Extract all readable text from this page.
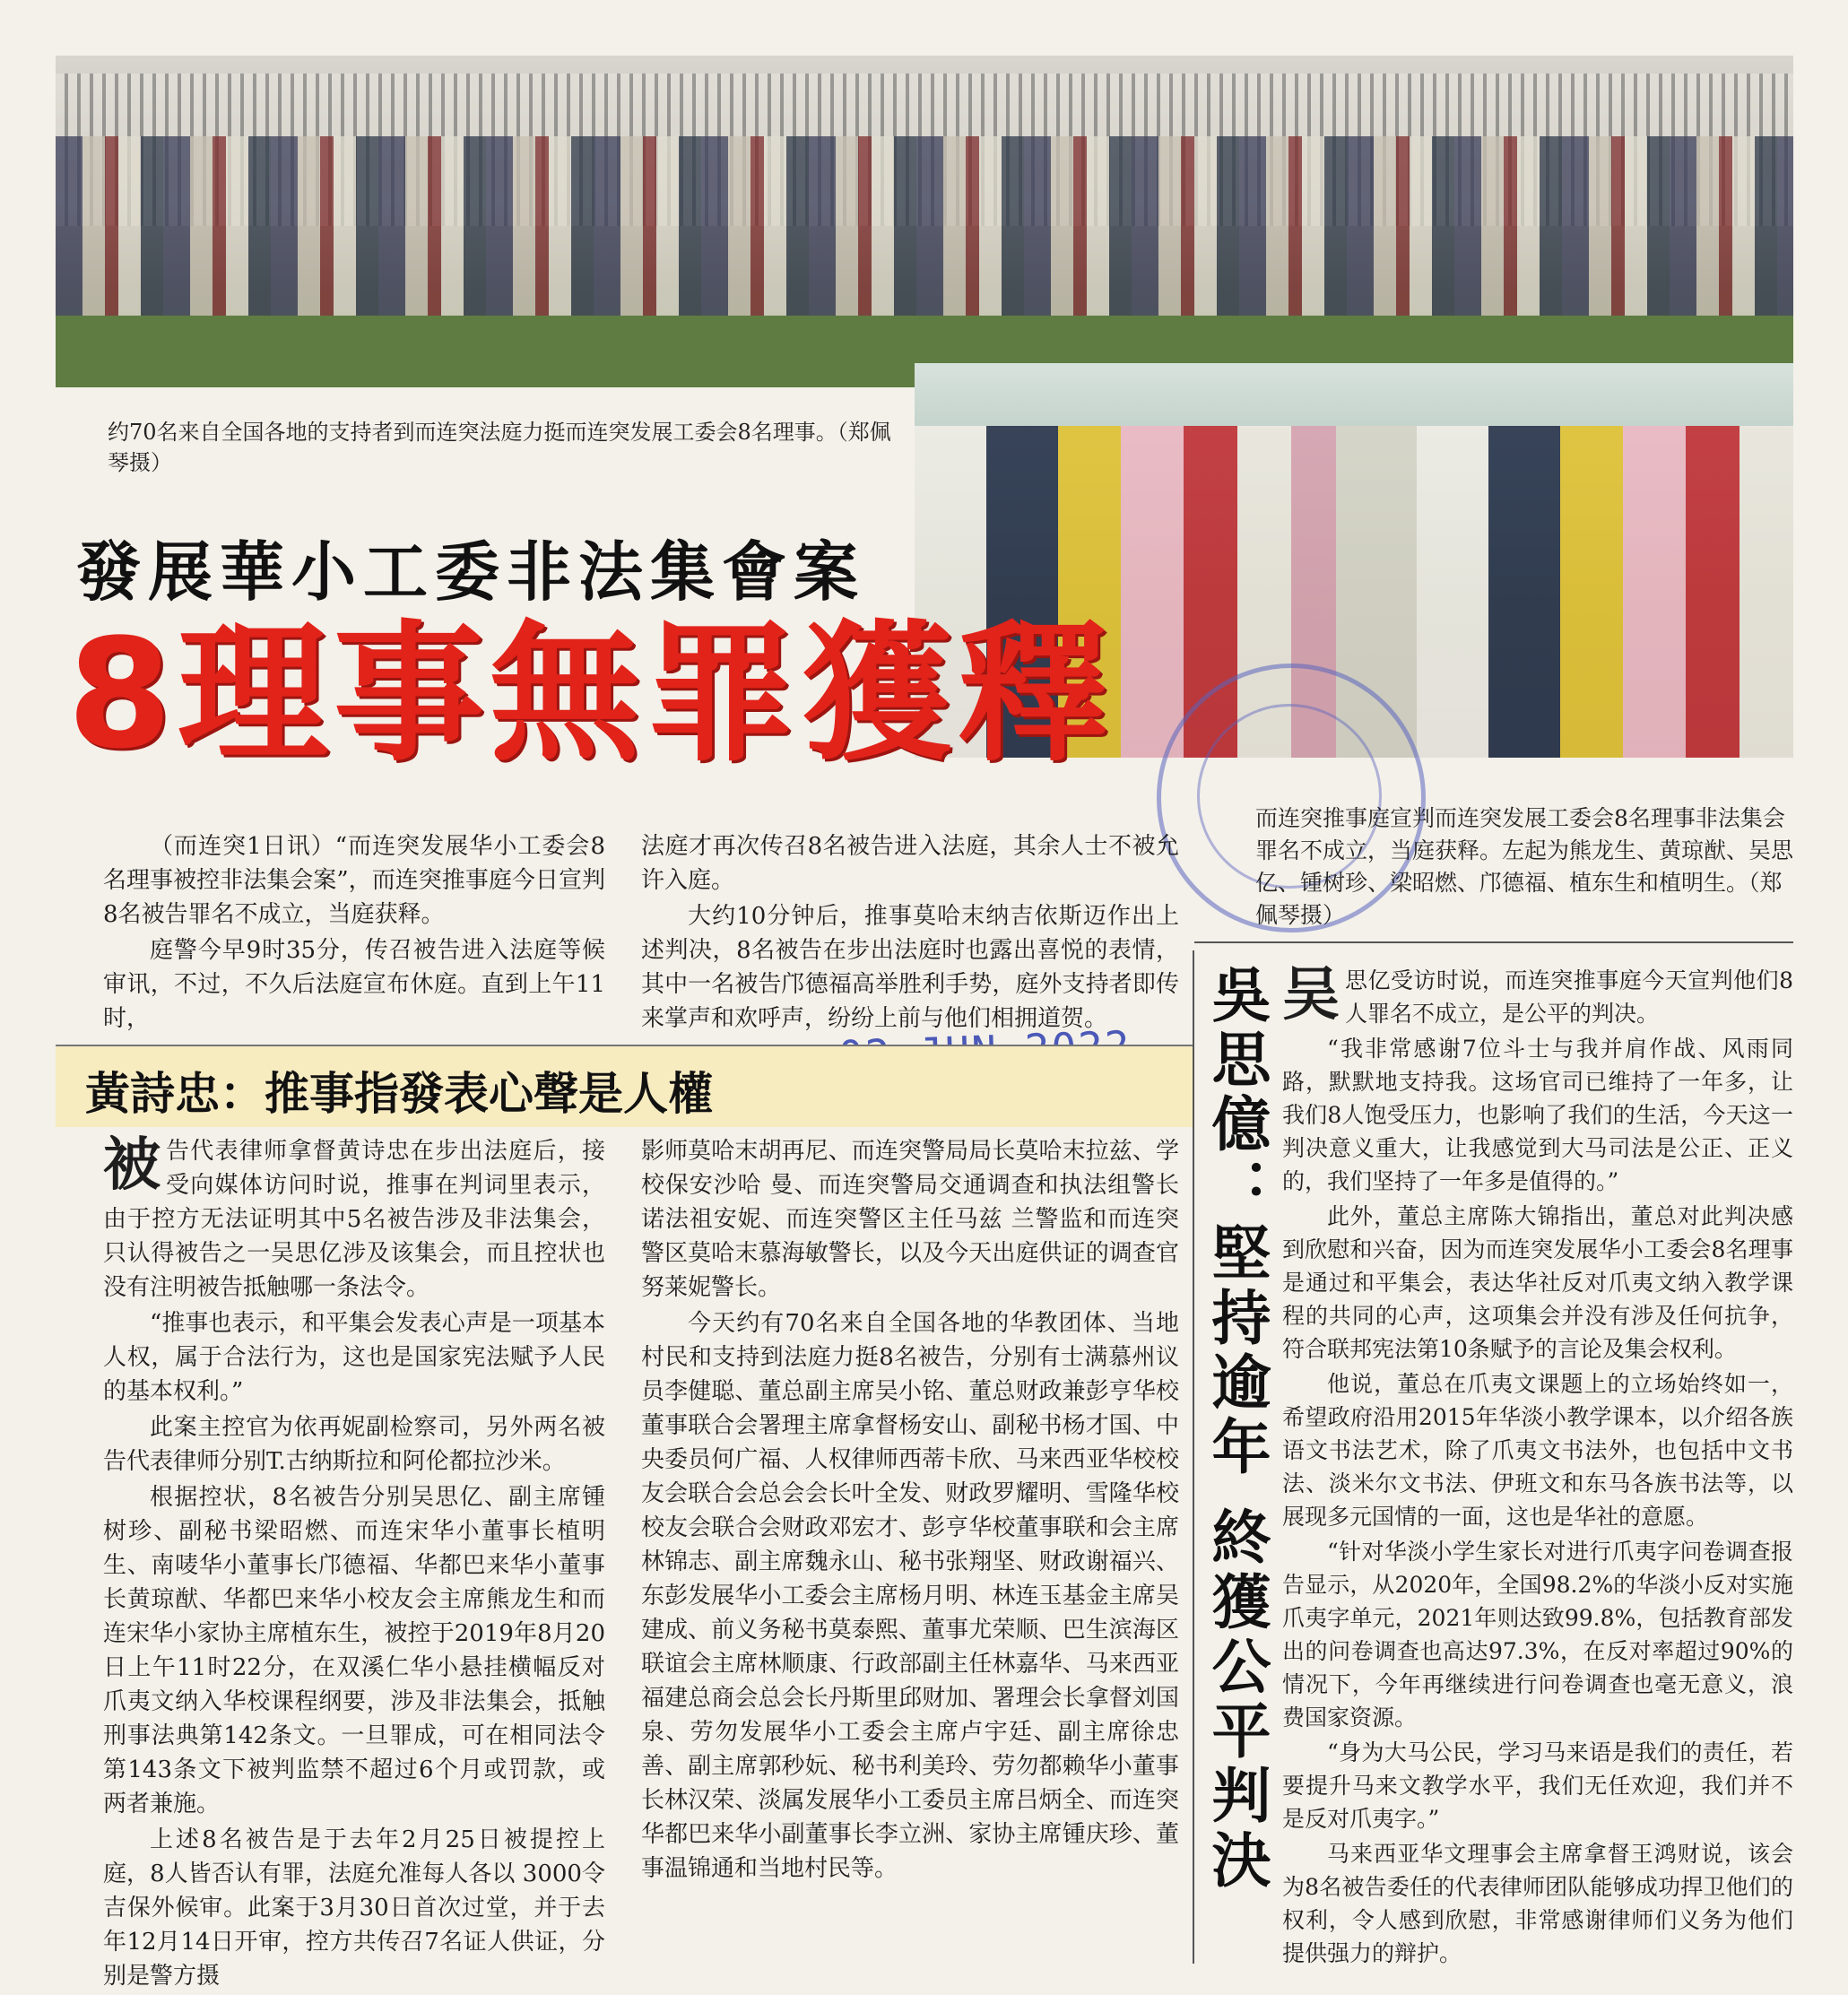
约70名来自全国各地的支持者到而连突法庭力挺而连突发展工委会8名理事。（郑佩琴摄）
發展華小工委非法集會案
8理事無罪獲釋
而连突推事庭宣判而连突发展工委会8名理事非法集会罪名不成立，当庭获释。左起为熊龙生、黄琼猷、吴思亿、锺树珍、梁昭燃、邝德福、植东生和植明生。（郑佩琴摄）

（而连突1日讯）“而连突发展华小工委会8名理事被控非法集会案”，而连突推事庭今日宣判8名被告罪名不成立，当庭获释。

庭警今早9时35分，传召被告进入法庭等候审讯，不过，不久后法庭宣布休庭。直到上午11时，

法庭才再次传召8名被告进入法庭，其余人士不被允许入庭。

大约10分钟后，推事莫哈末纳吉依斯迈作出上述判决，8名被告在步出法庭时也露出喜悦的表情，其中一名被告邝德福高举胜利手势，庭外支持者即传来掌声和欢呼声，纷纷上前与他们相拥道贺。

黃詩忠：推事指發表心聲是人權

被告代表律师拿督黄诗忠在步出法庭后，接受向媒体访问时说，推事在判词里表示，由于控方无法证明其中5名被告涉及非法集会，只认得被告之一吴思亿涉及该集会，而且控状也没有注明被告抵触哪一条法令。

“推事也表示，和平集会发表心声是一项基本人权，属于合法行为，这也是国家宪法赋予人民的基本权利。”

此案主控官为依再妮副检察司，另外两名被告代表律师分别T.古纳斯拉和阿伦都拉沙米。

根据控状，8名被告分别吴思亿、副主席锺树珍、副秘书梁昭燃、而连宋华小董事长植明生、南唛华小董事长邝德福、华都巴来华小董事长黄琼猷、华都巴来华小校友会主席熊龙生和而连宋华小家协主席植东生，被控于2019年8月20日上午11时22分，在双溪仁华小悬挂横幅反对爪夷文纳入华校课程纲要，涉及非法集会，抵触刑事法典第142条文。一旦罪成，可在相同法令第143条文下被判监禁不超过6个月或罚款，或两者兼施。

上述8名被告是于去年2月25日被提控上庭，8人皆否认有罪，法庭允准每人各以 3000令吉保外候审。此案于3月30日首次过堂，并于去年12月14日开审，控方共传召7名证人供证，分别是警方摄

影师莫哈末胡再尼、而连突警局局长莫哈末拉兹、学校保安沙哈 曼、而连突警局交通调查和执法组警长诺法祖安妮、而连突警区主任马兹 兰警监和而连突警区莫哈末慕海敏警长，以及今天出庭供证的调查官努莱妮警长。

今天约有70名来自全国各地的华教团体、当地村民和支持到法庭力挺8名被告，分别有士满慕州议员李健聪、董总副主席吴小铭、董总财政兼彭亨华校董事联合会署理主席拿督杨安山、副秘书杨才国、中央委员何广福、人权律师西蒂卡欣、马来西亚华校校友会联合会总会会长叶全发、财政罗耀明、雪隆华校校友会联合会财政邓宏才、彭亨华校董事联和会主席林锦志、副主席魏永山、秘书张翔坚、财政谢福兴、东彭发展华小工委会主席杨月明、林连玉基金主席吴建成、前义务秘书莫泰熙、董事尤荣顺、巴生滨海区联谊会主席林顺康、行政部副主任林嘉华、马来西亚福建总商会总会长丹斯里邱财加、署理会长拿督刘国泉、劳勿发展华小工委会主席卢宇廷、副主席徐忠善、副主席郭秒妧、秘书利美玲、劳勿都赖华小董事长林汉荣、淡属发展华小工委员主席吕炳全、而连突华都巴来华小副董事长李立洲、家协主席锺庆珍、董事温锦通和当地村民等。	吳思億：堅持逾年 終獲公平判決 吴思亿受访时说，而连突推事庭今天宣判他们8人罪名不成立，是公平的判决。

“我非常感谢7位斗士与我并肩作战、风雨同路，默默地支持我。这场官司已维持了一年多，让我们8人饱受压力，也影响了我们的生活，今天这一判决意义重大，让我感觉到大马司法是公正、正义的，我们坚持了一年多是值得的。”

此外，董总主席陈大锦指出，董总对此判决感到欣慰和兴奋，因为而连突发展华小工委会8名理事是通过和平集会，表达华社反对爪夷文纳入教学课程的共同的心声，这项集会并没有涉及任何抗争，符合联邦宪法第10条赋予的言论及集会权利。

他说，董总在爪夷文课题上的立场始终如一，希望政府沿用2015年华淡小教学课本，以介绍各族语文书法艺术，除了爪夷文书法外，也包括中文书法、淡米尔文书法、伊班文和东马各族书法等，以展现多元国情的一面，这也是华社的意愿。

“针对华淡小学生家长对进行爪夷字问卷调查报告显示，从2020年，全国98.2%的华淡小反对实施爪夷字单元，2021年则达致99.8%，包括教育部发出的问卷调查也高达97.3%，在反对率超过90%的情况下，今年再继续进行问卷调查也毫无意义，浪费国家资源。

“身为大马公民，学习马来语是我们的责任，若要提升马来文教学水平，我们无任欢迎，我们并不是反对爪夷字。”

马来西亚华文理事会主席拿督王鸿财说，该会为8名被告委任的代表律师团队能够成功捍卫他们的权利，令人感到欣慰，非常感谢律师们义务为他们提供强力的辩护。
